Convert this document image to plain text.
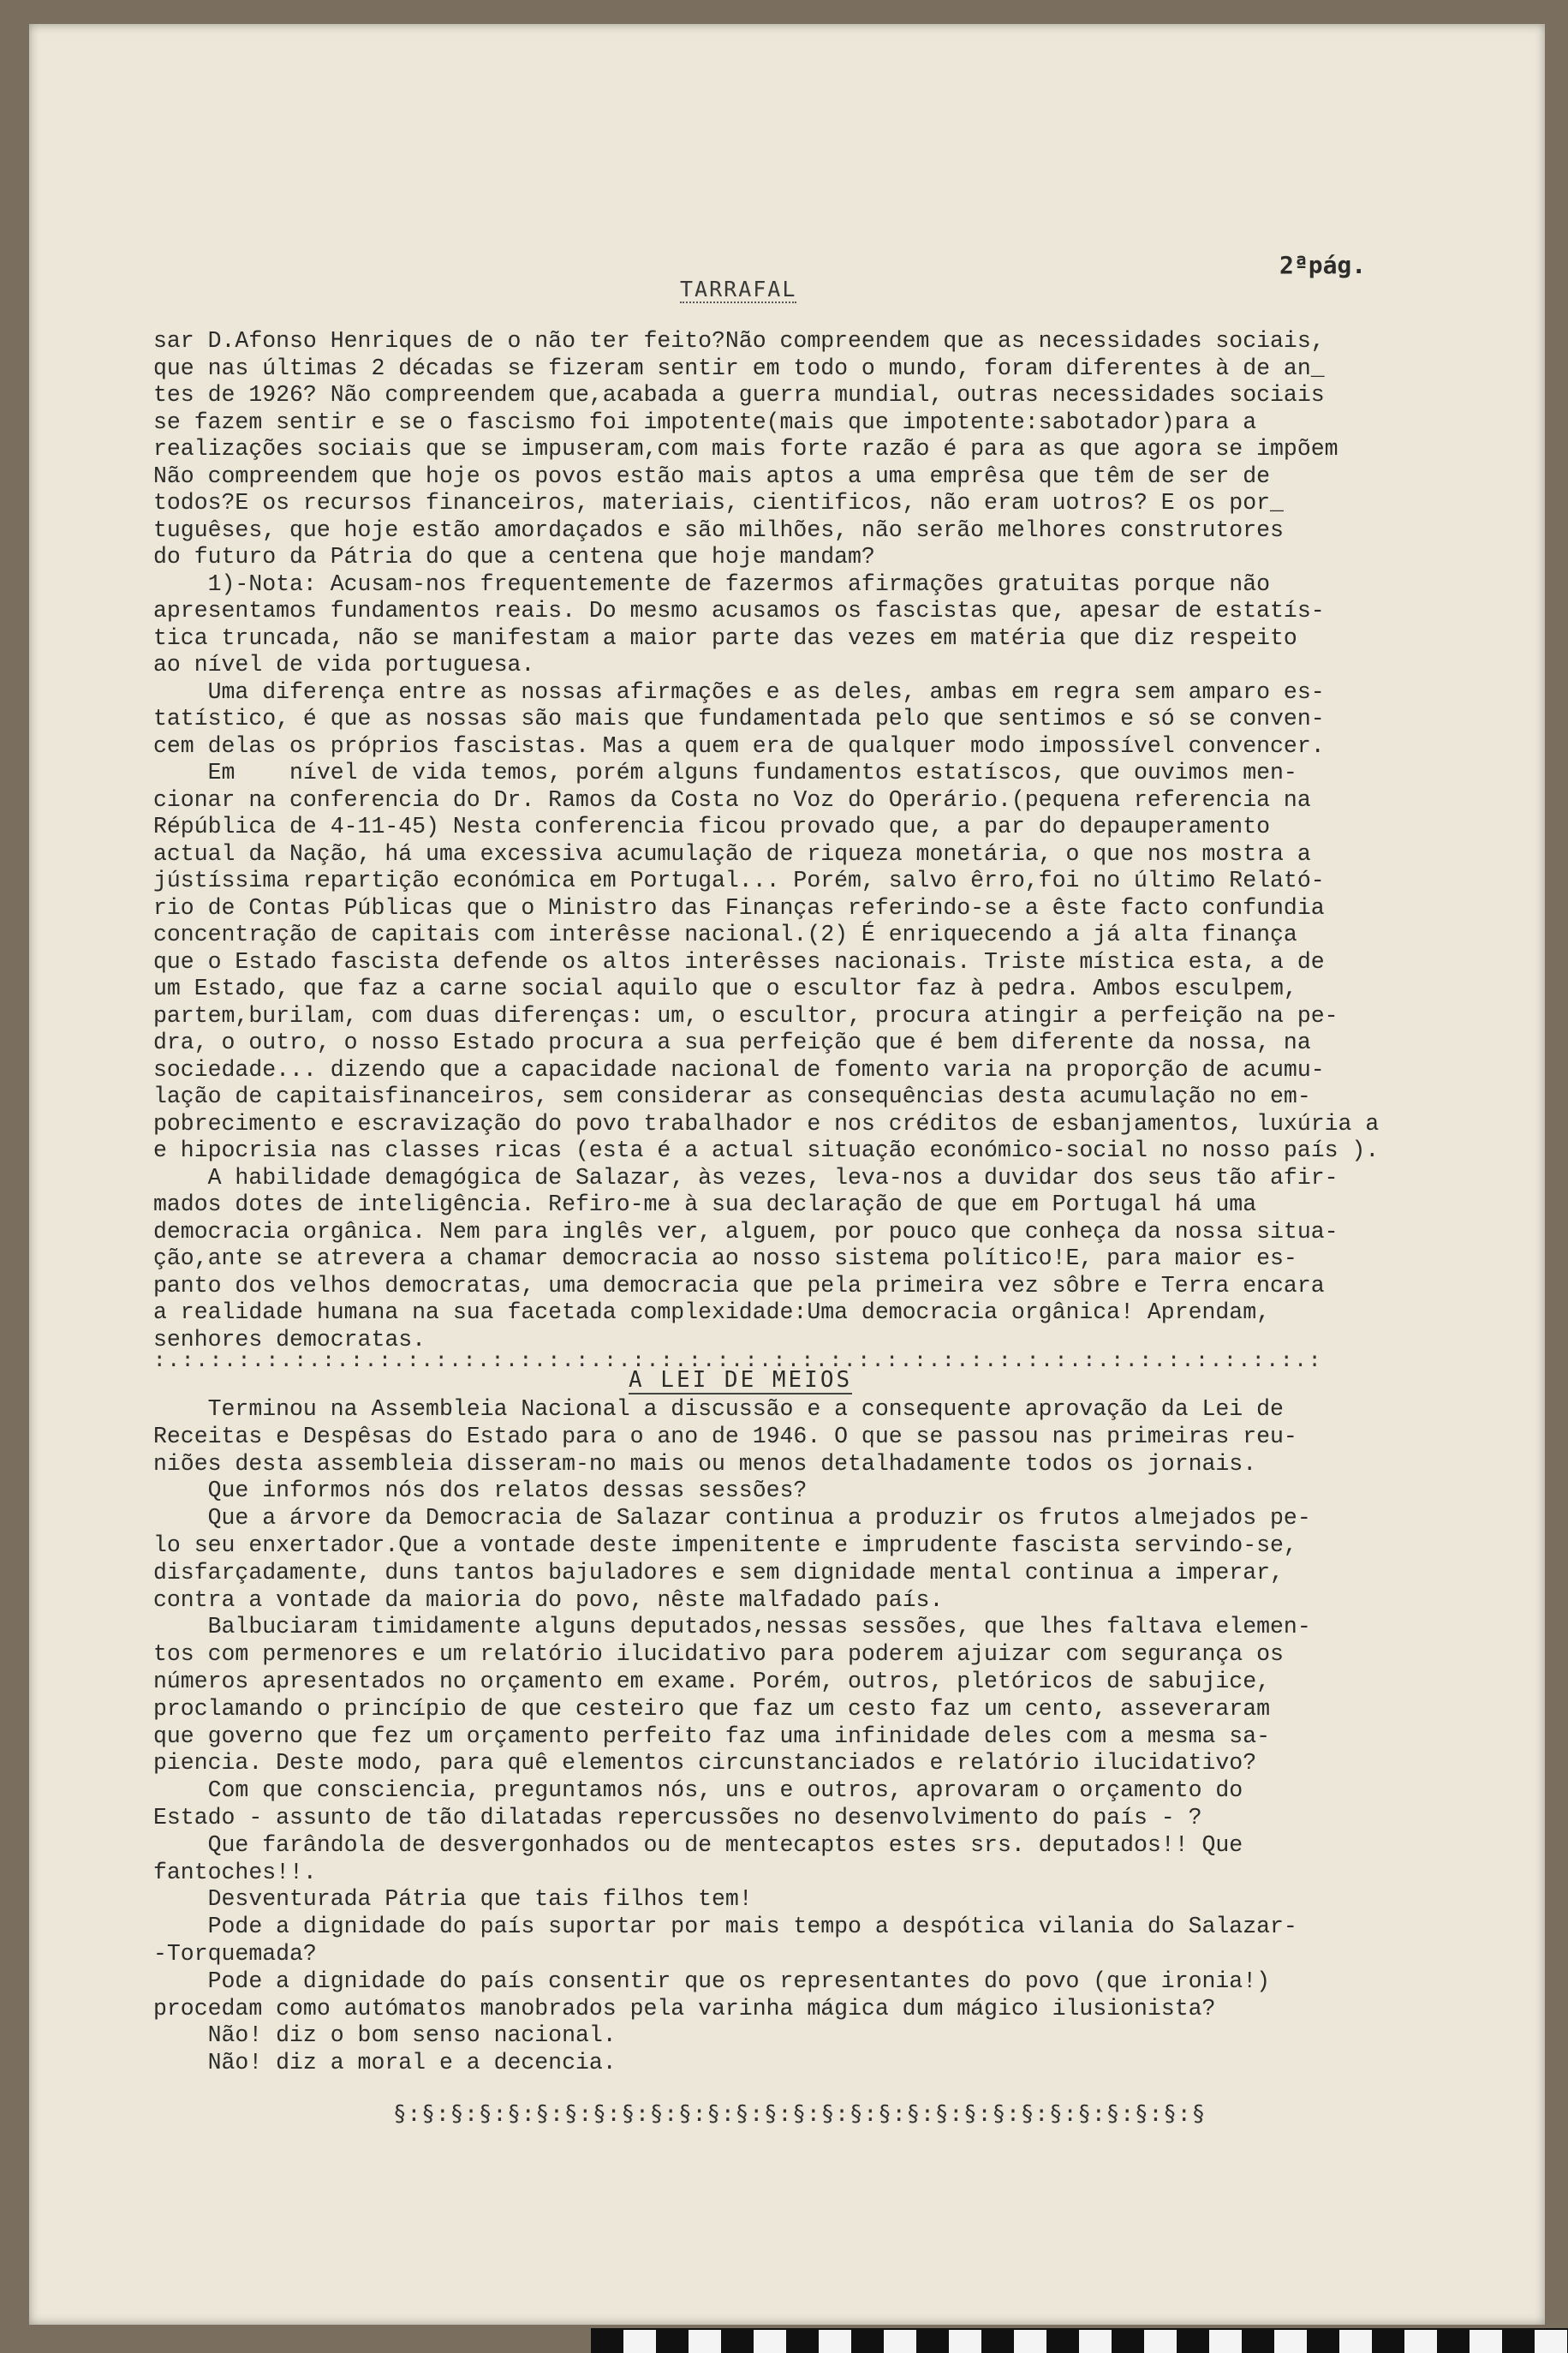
TARRAFAL
2ªpág.
sar D.Afonso Henriques de o não ter feito?Não compreendem que as necessidades sociais,
que nas últimas 2 décadas se fizeram sentir em todo o mundo, foram diferentes à de an_
tes de 1926? Não compreendem que,acabada a guerra mundial, outras necessidades sociais
se fazem sentir e se o fascismo foi impotente(mais que impotente:sabotador)para a
realizações sociais que se impuseram,com mais forte razão é para as que agora se impõem
Não compreendem que hoje os povos estão mais aptos a uma emprêsa que têm de ser de
todos?E os recursos financeiros, materiais, cientificos, não eram uotros? E os por_
tuguêses, que hoje estão amordaçados e são milhões, não serão melhores construtores
do futuro da Pátria do que a centena que hoje mandam?
1)-Nota: Acusam-nos frequentemente de fazermos afirmações gratuitas porque não
apresentamos fundamentos reais. Do mesmo acusamos os fascistas que, apesar de estatís-
tica truncada, não se manifestam a maior parte das vezes em matéria que diz respeito
ao nível de vida portuguesa.
Uma diferença entre as nossas afirmações e as deles, ambas em regra sem amparo es-
tatístico, é que as nossas são mais que fundamentada pelo que sentimos e só se conven-
cem delas os próprios fascistas. Mas a quem era de qualquer modo impossível convencer.
Em    nível de vida temos, porém alguns fundamentos estatíscos, que ouvimos men-
cionar na conferencia do Dr. Ramos da Costa no Voz do Operário.(pequena referencia na
Répública de 4-11-45) Nesta conferencia ficou provado que, a par do depauperamento
actual da Nação, há uma excessiva acumulação de riqueza monetária, o que nos mostra a
jústíssima repartição económica em Portugal... Porém, salvo êrro,foi no último Relató-
rio de Contas Públicas que o Ministro das Finanças referindo-se a êste facto confundia
concentração de capitais com interêsse nacional.(2) É enriquecendo a já alta finança
que o Estado fascista defende os altos interêsses nacionais. Triste mística esta, a de
um Estado, que faz a carne social aquilo que o escultor faz à pedra. Ambos esculpem,
partem,burilam, com duas diferenças: um, o escultor, procura atingir a perfeição na pe-
dra, o outro, o nosso Estado procura a sua perfeição que é bem diferente da nossa, na
sociedade... dizendo que a capacidade nacional de fomento varia na proporção de acumu-
lação de capitaisfinanceiros, sem considerar as consequências desta acumulação no em-
pobrecimento e escravização do povo trabalhador e nos créditos de esbanjamentos, luxúria a
e hipocrisia nas classes ricas (esta é a actual situação económico-social no nosso país ).
A habilidade demagógica de Salazar, às vezes, leva-nos a duvidar dos seus tão afir-
mados dotes de inteligência. Refiro-me à sua declaração de que em Portugal há uma
democracia orgânica. Nem para inglês ver, alguem, por pouco que conheça da nossa situa-
ção,ante se atrevera a chamar democracia ao nosso sistema político!E, para maior es-
panto dos velhos democratas, uma democracia que pela primeira vez sôbre e Terra encara
a realidade humana na sua facetada complexidade:Uma democracia orgânica! Aprendam,
senhores democratas.
:.:.:.:.:.:.:.:.:.:.:.:.:.:.:.:.:.:.:.:.:.:.:.:.:.:.:.:.:.:.:.:.:.:.:.:.:.:.:.:.:.:
A LEI DE MEIOS
Terminou na Assembleia Nacional a discussão e a consequente aprovação da Lei de
Receitas e Despêsas do Estado para o ano de 1946. O que se passou nas primeiras reu-
niões desta assembleia disseram-no mais ou menos detalhadamente todos os jornais.
Que informos nós dos relatos dessas sessões?
Que a árvore da Democracia de Salazar continua a produzir os frutos almejados pe-
lo seu enxertador.Que a vontade deste impenitente e imprudente fascista servindo-se,
disfarçadamente, duns tantos bajuladores e sem dignidade mental continua a imperar,
contra a vontade da maioria do povo, nêste malfadado país.
Balbuciaram timidamente alguns deputados,nessas sessões, que lhes faltava elemen-
tos com permenores e um relatório ilucidativo para poderem ajuizar com segurança os
números apresentados no orçamento em exame. Porém, outros, pletóricos de sabujice,
proclamando o princípio de que cesteiro que faz um cesto faz um cento, asseveraram
que governo que fez um orçamento perfeito faz uma infinidade deles com a mesma sa-
piencia. Deste modo, para quê elementos circunstanciados e relatório ilucidativo?
Com que consciencia, preguntamos nós, uns e outros, aprovaram o orçamento do
Estado - assunto de tão dilatadas repercussões no desenvolvimento do país - ?
Que farândola de desvergonhados ou de mentecaptos estes srs. deputados!! Que
fantoches!!.
Desventurada Pátria que tais filhos tem!
Pode a dignidade do país suportar por mais tempo a despótica vilania do Salazar-
-Torquemada?
Pode a dignidade do país consentir que os representantes do povo (que ironia!)
procedam como autómatos manobrados pela varinha mágica dum mágico ilusionista?
Não! diz o bom senso nacional.
Não! diz a moral e a decencia.
§:§:§:§:§:§:§:§:§:§:§:§:§:§:§:§:§:§:§:§:§:§:§:§:§:§:§:§:§
